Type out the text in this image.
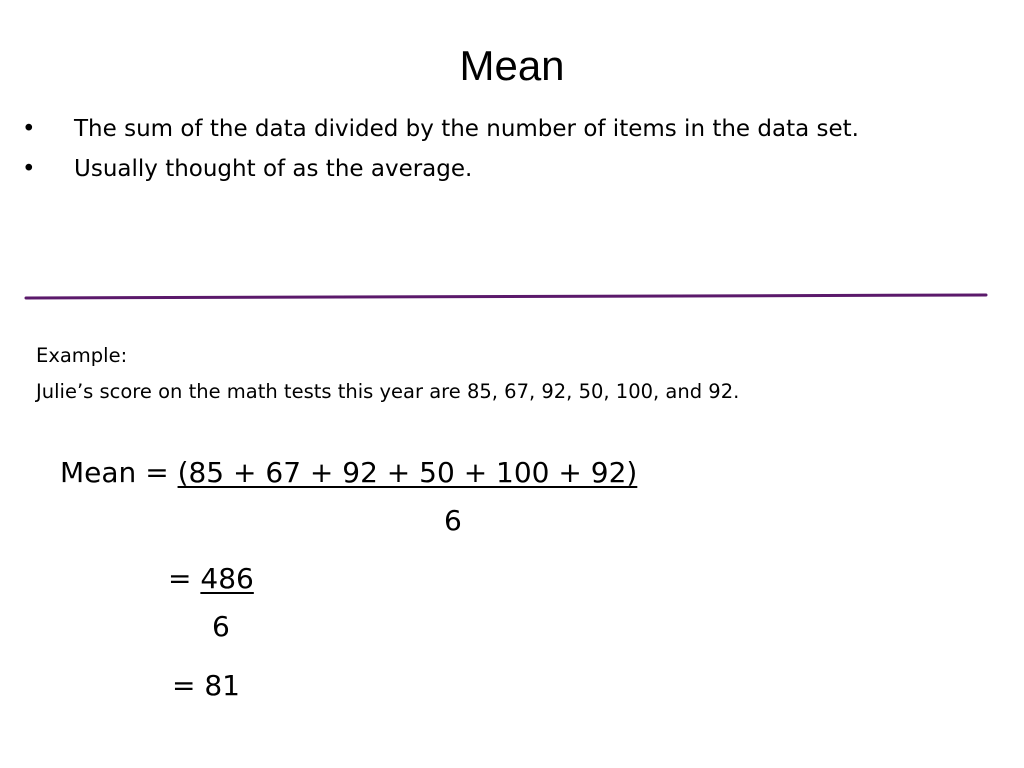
Mean
• The sum of the data divided by the number of items in the data set.
• Usually thought of as the average.
Example:
Julie’s score on the math tests this year are 85, 67, 92, 50, 100, and 92.
Mean = (85 + 67 + 92 + 50 + 100 + 92)
6
= 486
6
= 81
